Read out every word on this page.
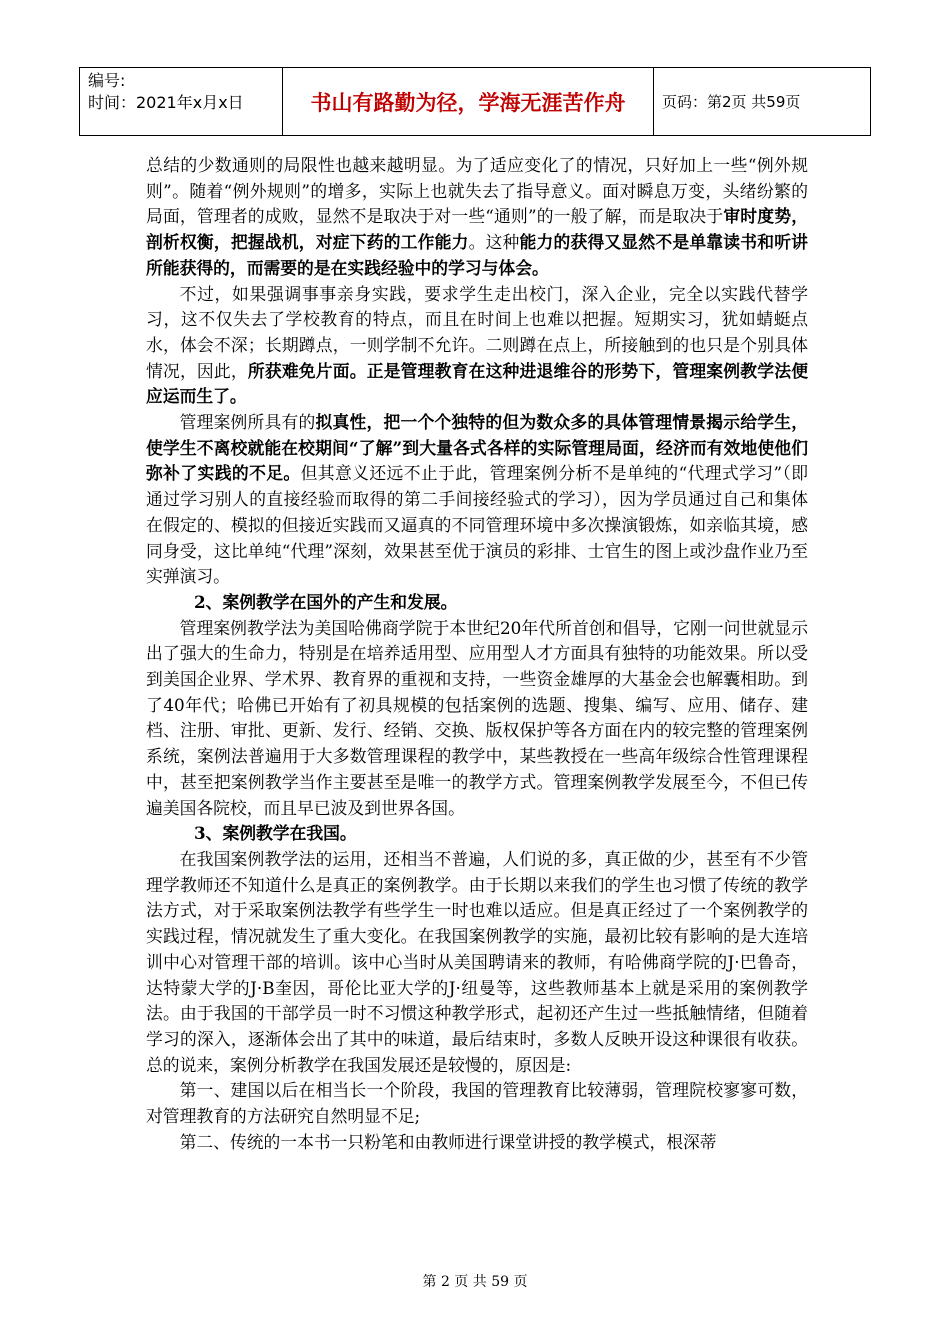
编号:
时间：2021年x月x日	书山有路勤为径，学海无涯苦作舟	页码：第2页 共59页

总结的少数通则的局限性也越来越明显。为了适应变化了的情况，只好加上一些“例外规则”。随着“例外规则”的增多，实际上也就失去了指导意义。面对瞬息万变，头绪纷繁的局面，管理者的成败，显然不是取决于对一些“通则”的一般了解，而是取决于审时度势，剖析权衡，把握战机，对症下药的工作能力。这种能力的获得又显然不是单靠读书和听讲所能获得的，而需要的是在实践经验中的学习与体会。

不过，如果强调事事亲身实践，要求学生走出校门，深入企业，完全以实践代替学习，这不仅失去了学校教育的特点，而且在时间上也难以把握。短期实习，犹如蜻蜓点水，体会不深；长期蹲点，一则学制不允许。二则蹲在点上，所接触到的也只是个别具体情况，因此，所获难免片面。正是管理教育在这种进退维谷的形势下，管理案例教学法便应运而生了。

管理案例所具有的拟真性，把一个个独特的但为数众多的具体管理情景揭示给学生，使学生不离校就能在校期间“了解”到大量各式各样的实际管理局面，经济而有效地使他们弥补了实践的不足。但其意义还远不止于此，管理案例分析不是单纯的“代理式学习”（即通过学习别人的直接经验而取得的第二手间接经验式的学习），因为学员通过自己和集体在假定的、模拟的但接近实践而又逼真的不同管理环境中多次操演锻炼，如亲临其境，感同身受，这比单纯“代理”深刻，效果甚至优于演员的彩排、士官生的图上或沙盘作业乃至实弹演习。

2、案例教学在国外的产生和发展。

管理案例教学法为美国哈佛商学院于本世纪20年代所首创和倡导，它刚一问世就显示出了强大的生命力，特别是在培养适用型、应用型人才方面具有独特的功能效果。所以受到美国企业界、学术界、教育界的重视和支持，一些资金雄厚的大基金会也解囊相助。到了40年代；哈佛已开始有了初具规模的包括案例的选题、搜集、编写、应用、储存、建档、注册、审批、更新、发行、经销、交换、版权保护等各方面在内的较完整的管理案例系统，案例法普遍用于大多数管理课程的教学中，某些教授在一些高年级综合性管理课程中，甚至把案例教学当作主要甚至是唯一的教学方式。管理案例教学发展至今，不但已传遍美国各院校，而且早已波及到世界各国。

3、案例教学在我国。

在我国案例教学法的运用，还相当不普遍，人们说的多，真正做的少，甚至有不少管理学教师还不知道什么是真正的案例教学。由于长期以来我们的学生也习惯了传统的教学法方式，对于采取案例法教学有些学生一时也难以适应。但是真正经过了一个案例教学的实践过程，情况就发生了重大变化。在我国案例教学的实施，最初比较有影响的是大连培训中心对管理干部的培训。该中心当时从美国聘请来的教师，有哈佛商学院的J·巴鲁奇，达特蒙大学的J·B奎因，哥伦比亚大学的J·纽曼等，这些教师基本上就是采用的案例教学法。由于我国的干部学员一时不习惯这种教学形式，起初还产生过一些抵触情绪，但随着学习的深入，逐渐体会出了其中的味道，最后结束时，多数人反映开设这种课很有收获。总的说来，案例分析教学在我国发展还是较慢的，原因是:

第一、建国以后在相当长一个阶段，我国的管理教育比较薄弱，管理院校寥寥可数，对管理教育的方法研究自然明显不足;

第二、传统的一本书一只粉笔和由教师进行课堂讲授的教学模式，根深蒂

第 2 页 共 59 页
